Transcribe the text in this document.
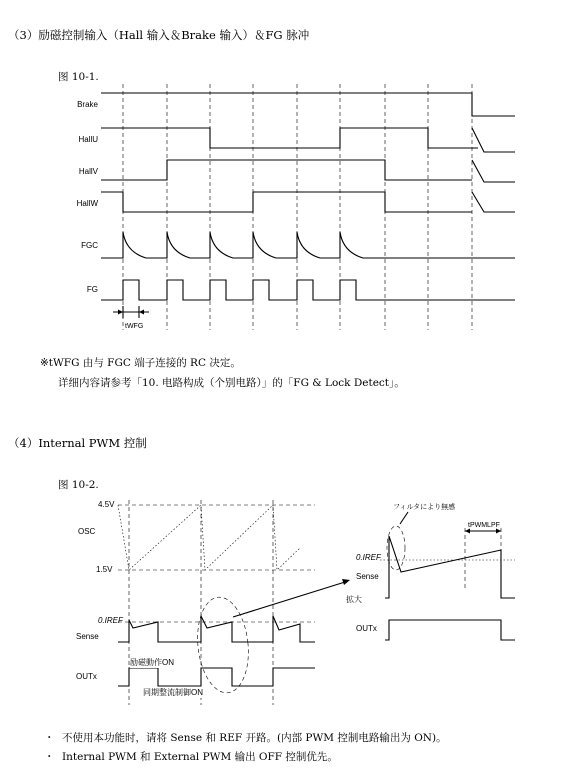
（3）励磁控制输入（Hall 输入＆Brake 输入）＆FG 脉冲
图 10-1.
Brake
HallU
HallV
HallW
FGC
FG
tWFG
※tWFG 由与 FGC 端子连接的 RC 决定。
详细内容请参考「10. 电路构成（个别电路）」的「FG & Lock Detect」。
（4）Internal PWM 控制
图 10-2.
4.5V
OSC
1.5V
0.IREF
Sense
OUTx
励磁動作ON
同期整流制御ON
拡大
フィルタにより無感
tPWMLPF
0.IREF
Sense
OUTx
・ 不使用本功能时，请将 Sense 和 REF 开路。(内部 PWM 控制电路输出为 ON)。
・ Internal PWM 和 External PWM 输出 OFF 控制优先。
